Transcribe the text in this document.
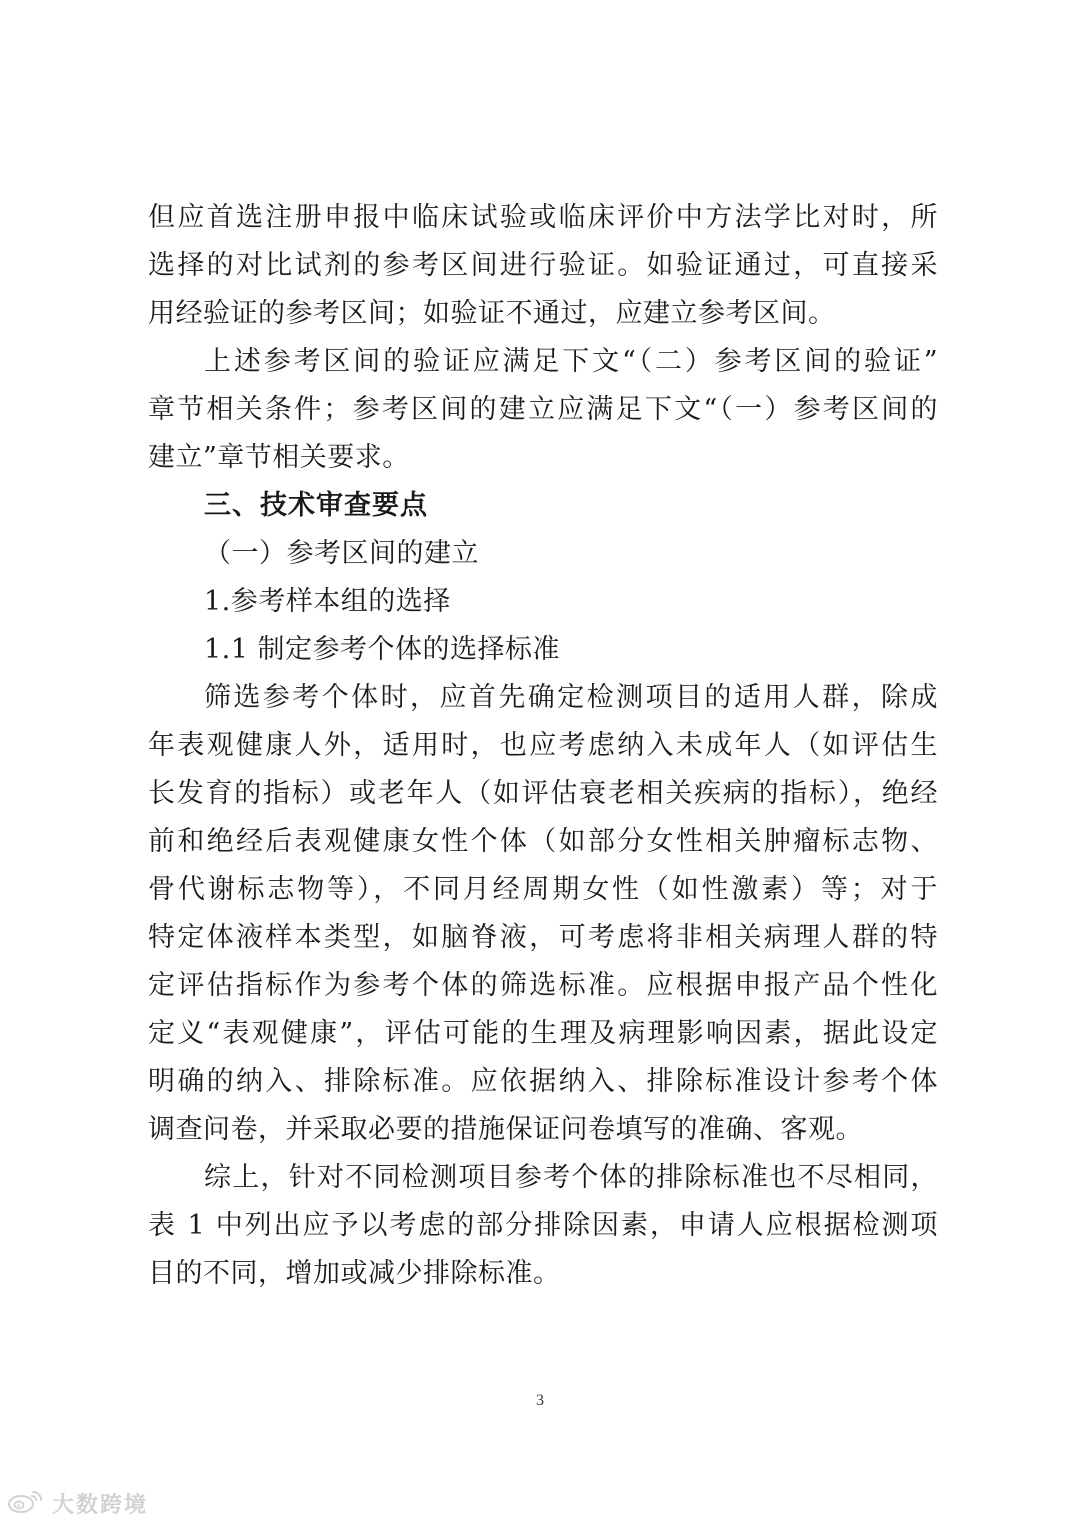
但应首选注册申报中临床试验或临床评价中方法学比对时，所
选择的对比试剂的参考区间进行验证。如验证通过，可直接采
用经验证的参考区间；如验证不通过，应建立参考区间。
上述参考区间的验证应满足下文“（二）参考区间的验证”
章节相关条件；参考区间的建立应满足下文“（一）参考区间的
建立”章节相关要求。
三、技术审查要点
（一）参考区间的建立
1.参考样本组的选择
1.1 制定参考个体的选择标准
筛选参考个体时，应首先确定检测项目的适用人群，除成
年表观健康人外，适用时，也应考虑纳入未成年人（如评估生
长发育的指标）或老年人（如评估衰老相关疾病的指标），绝经
前和绝经后表观健康女性个体（如部分女性相关肿瘤标志物、
骨代谢标志物等），不同月经周期女性（如性激素）等；对于
特定体液样本类型，如脑脊液，可考虑将非相关病理人群的特
定评估指标作为参考个体的筛选标准。应根据申报产品个性化
定义“表观健康”，评估可能的生理及病理影响因素，据此设定
明确的纳入、排除标准。应依据纳入、排除标准设计参考个体
调查问卷，并采取必要的措施保证问卷填写的准确、客观。
综上，针对不同检测项目参考个体的排除标准也不尽相同，
表 1 中列出应予以考虑的部分排除因素，申请人应根据检测项
目的不同，增加或减少排除标准。
3
大数跨境
